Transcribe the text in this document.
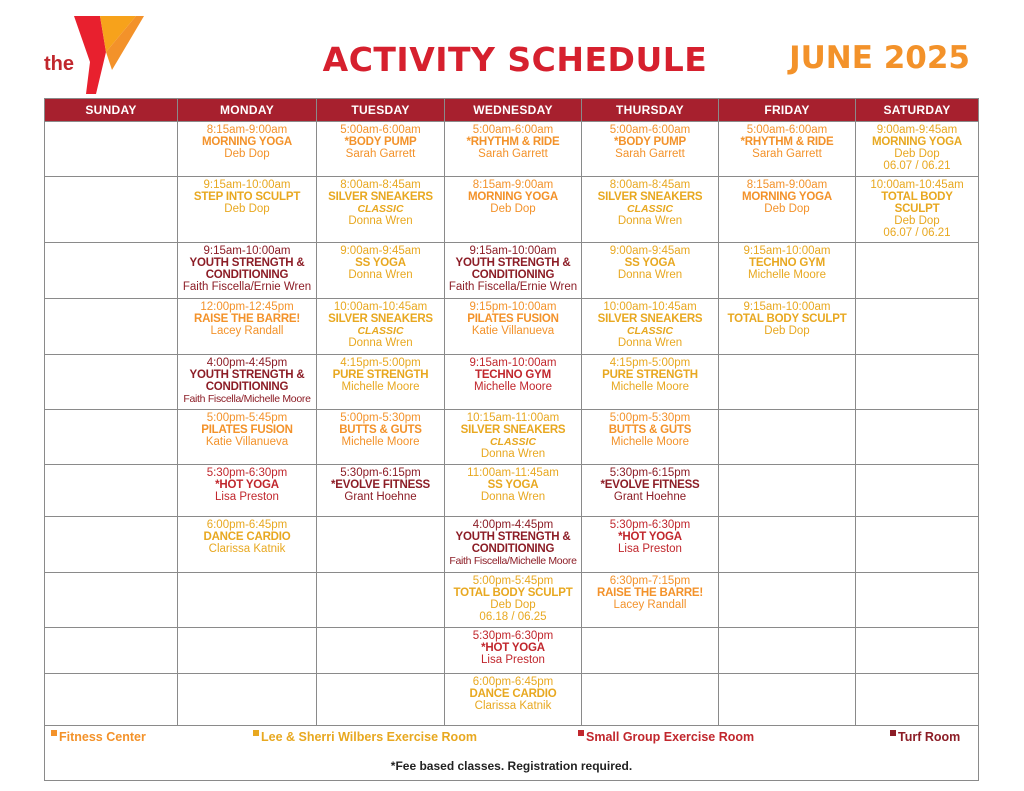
the	YMCA	ACTIVITY SCHEDULE	JUNE 2025
SUNDAY	MONDAY	TUESDAY	WEDNESDAY	THURSDAY	FRIDAY	SATURDAY

	8:15am-9:00am
MORNING YOGA
Deb Dop	5:00am-6:00am
*BODY PUMP
Sarah Garrett	5:00am-6:00am
*RHYTHM & RIDE
Sarah Garrett	5:00am-6:00am
*BODY PUMP
Sarah Garrett	5:00am-6:00am
*RHYTHM & RIDE
Sarah Garrett	9:00am-9:45am
MORNING YOGA
Deb Dop
06.07 / 06.21

	9:15am-10:00am
STEP INTO SCULPT
Deb Dop	8:00am-8:45am
SILVER SNEAKERS
CLASSIC
Donna Wren	8:15am-9:00am
MORNING YOGA
Deb Dop	8:00am-8:45am
SILVER SNEAKERS
CLASSIC
Donna Wren	8:15am-9:00am
MORNING YOGA
Deb Dop	10:00am-10:45am
TOTAL BODY
SCULPT
Deb Dop
06.07 / 06.21

	9:15am-10:00am
YOUTH STRENGTH &
CONDITIONING
Faith Fiscella/Ernie Wren	9:00am-9:45am
SS YOGA
Donna Wren	9:15am-10:00am
YOUTH STRENGTH &
CONDITIONING
Faith Fiscella/Ernie Wren	9:00am-9:45am
SS YOGA
Donna Wren	9:15am-10:00am
TECHNO GYM
Michelle Moore	

	12:00pm-12:45pm
RAISE THE BARRE!
Lacey Randall	10:00am-10:45am
SILVER SNEAKERS
CLASSIC
Donna Wren	9:15pm-10:00am
PILATES FUSION
Katie Villanueva	10:00am-10:45am
SILVER SNEAKERS
CLASSIC
Donna Wren	9:15am-10:00am
TOTAL BODY SCULPT
Deb Dop	

	4:00pm-4:45pm
YOUTH STRENGTH &
CONDITIONING
Faith Fiscella/Michelle Moore	4:15pm-5:00pm
PURE STRENGTH
Michelle Moore	9:15am-10:00am
TECHNO GYM
Michelle Moore	4:15pm-5:00pm
PURE STRENGTH
Michelle Moore		

	5:00pm-5:45pm
PILATES FUSION
Katie Villanueva	5:00pm-5:30pm
BUTTS & GUTS
Michelle Moore	10:15am-11:00am
SILVER SNEAKERS
CLASSIC
Donna Wren	5:00pm-5:30pm
BUTTS & GUTS
Michelle Moore		

	5:30pm-6:30pm
*HOT YOGA
Lisa Preston	5:30pm-6:15pm
*EVOLVE FITNESS
Grant Hoehne	11:00am-11:45am
SS YOGA
Donna Wren	5:30pm-6:15pm
*EVOLVE FITNESS
Grant Hoehne		

	6:00pm-6:45pm
DANCE CARDIO
Clarissa Katnik		4:00pm-4:45pm
YOUTH STRENGTH &
CONDITIONING
Faith Fiscella/Michelle Moore	5:30pm-6:30pm
*HOT YOGA
Lisa Preston		

			5:00pm-5:45pm
TOTAL BODY SCULPT
Deb Dop
06.18 / 06.25	6:30pm-7:15pm
RAISE THE BARRE!
Lacey Randall		

			5:30pm-6:30pm
*HOT YOGA
Lisa Preston			

			6:00pm-6:45pm
DANCE CARDIO
Clarissa Katnik			

Fitness Center Lee & Sherri Wilbers Exercise Room Small Group Exercise Room Turf Room
*Fee based classes. Registration required.						
